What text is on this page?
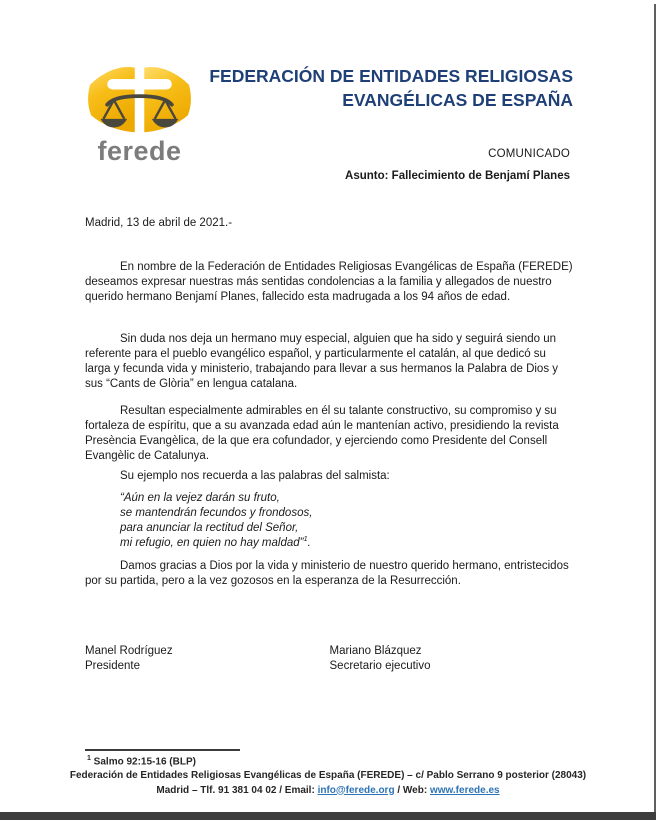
ferede
FEDERACIÓN DE ENTIDADES RELIGIOSAS
EVANGÉLICAS DE ESPAÑA
COMUNICADO
Asunto: Fallecimiento de Benjamí Planes
Madrid, 13 de abril de 2021.-

En nombre de la Federación de Entidades Religiosas Evangélicas de España (FEREDE) deseamos expresar nuestras más sentidas condolencias a la familia y allegados de nuestro querido hermano Benjamí Planes, fallecido esta madrugada a los 94 años de edad.

Sin duda nos deja un hermano muy especial, alguien que ha sido y seguirá siendo un referente para el pueblo evangélico español, y particularmente el catalán, al que dedicó su larga y fecunda vida y ministerio, trabajando para llevar a sus hermanos la Palabra de Dios y sus “Cants de Glòria” en lengua catalana.

Resultan especialmente admirables en él su talante constructivo, su compromiso y su fortaleza de espíritu, que a su avanzada edad aún le mantenían activo, presidiendo la revista Presència Evangèlica, de la que era cofundador, y ejerciendo como Presidente del Consell Evangèlic de Catalunya.

Su ejemplo nos recuerda a las palabras del salmista:

“Aún en la vejez darán su fruto,
se mantendrán fecundos y frondosos,
para anunciar la rectitud del Señor,
mi refugio, en quien no hay maldad”$^1$.

Damos gracias a Dios por la vida y ministerio de nuestro querido hermano, entristecidos por su partida, pero a la vez gozosos en la esperanza de la Resurrección.

Manel Rodríguez
Presidente
Mariano Blázquez
Secretario ejecutivo
$^1$ Salmo 92:15-16 (BLP)
Federación de Entidades Religiosas Evangélicas de España (FEREDE) – c/ Pablo Serrano 9 posterior (28043)
Madrid – Tlf. 91 381 04 02 / Email: info@ferede.org / Web: www.ferede.es
